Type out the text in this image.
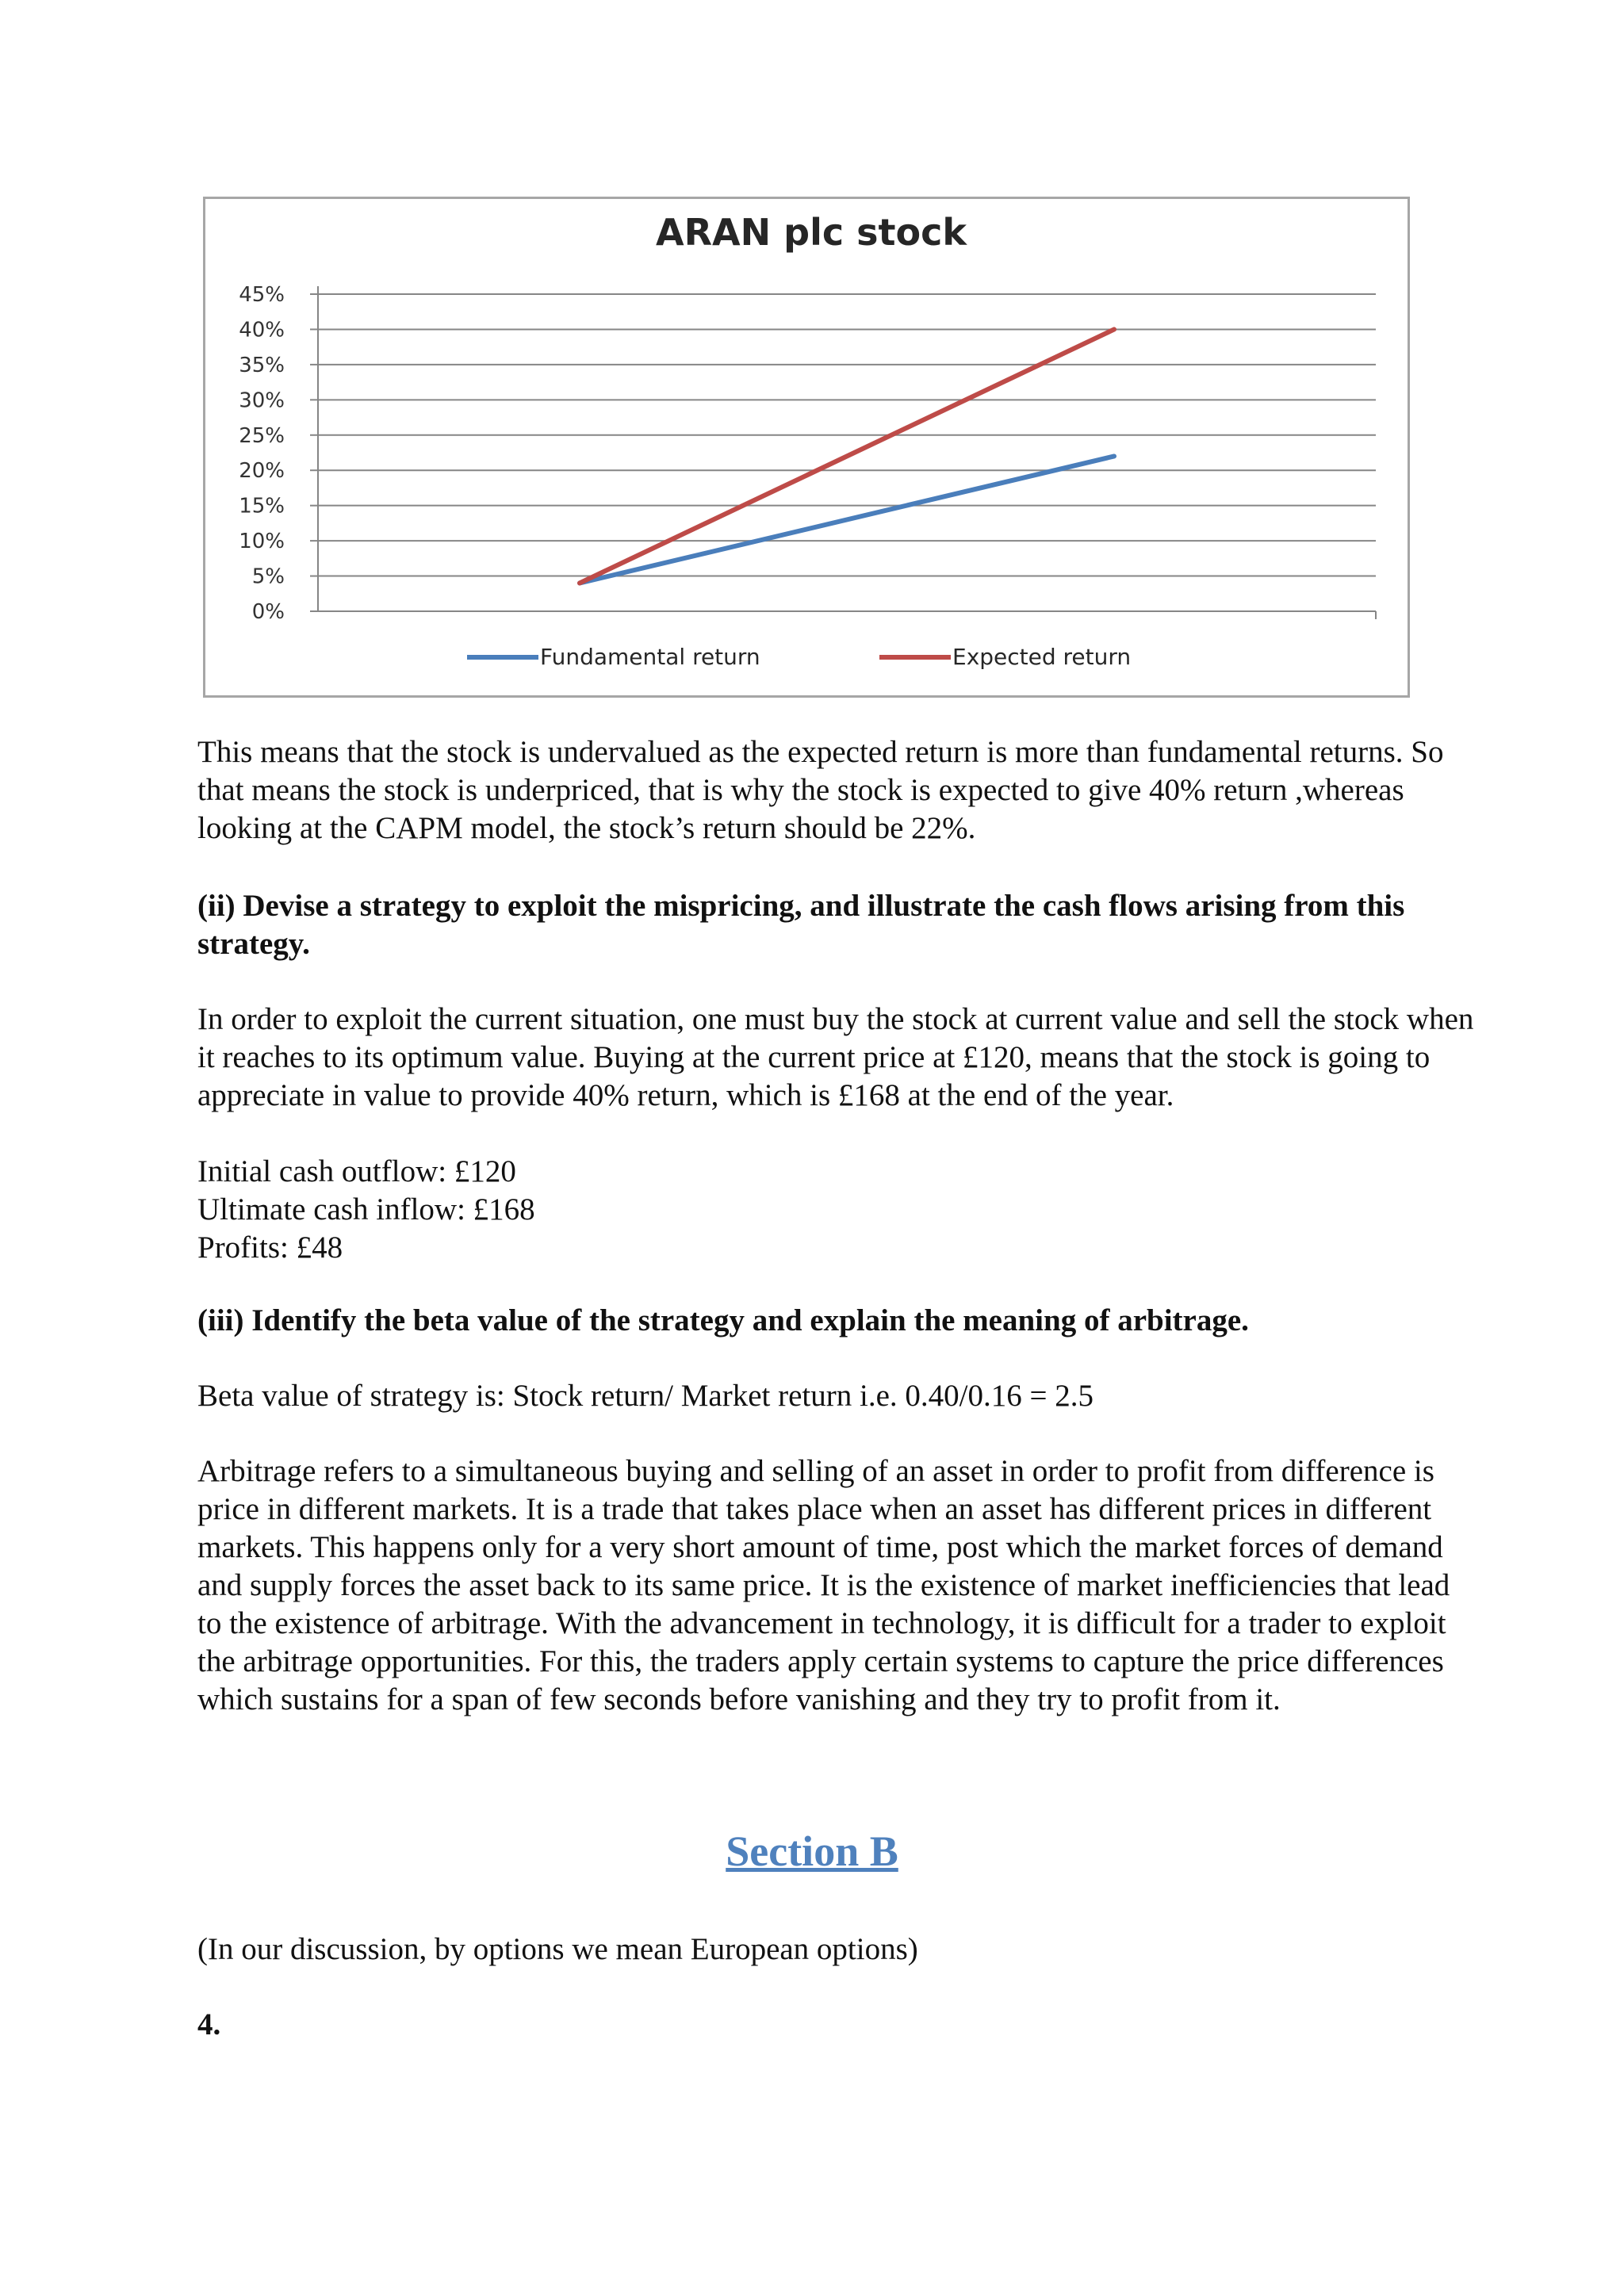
ARAN plc stock
0%
5%
10%
15%
20%
25%
30%
35%
40%
45%
Fundamental return	Expected return

This means that the stock is undervalued as the expected return is more than fundamental returns. So that means the stock is underpriced, that is why the stock is expected to give 40% return ,whereas looking at the CAPM model, the stock’s return should be 22%.

(ii) Devise a strategy to exploit the mispricing, and illustrate the cash flows arising from this strategy.

In order to exploit the current situation, one must buy the stock at current value and sell the stock when it reaches to its optimum value. Buying at the current price at £120, means that the stock is going to appreciate in value to provide 40% return, which is £168 at the end of the year.

Initial cash outflow: £120

Ultimate cash inflow: £168

Profits: £48

(iii) Identify the beta value of the strategy and explain the meaning of arbitrage.

Beta value of strategy is: Stock return/ Market return i.e. 0.40/0.16 = 2.5

Arbitrage refers to a simultaneous buying and selling of an asset in order to profit from difference is price in different markets. It is a trade that takes place when an asset has different prices in different markets. This happens only for a very short amount of time, post which the market forces of demand and supply forces the asset back to its same price. It is the existence of market inefficiencies that lead to the existence of arbitrage. With the advancement in technology, it is difficult for a trader to exploit the arbitrage opportunities. For this, the traders apply certain systems to capture the price differences which sustains for a span of few seconds before vanishing and they try to profit from it.

Section B

(In our discussion, by options we mean European options)

4.
